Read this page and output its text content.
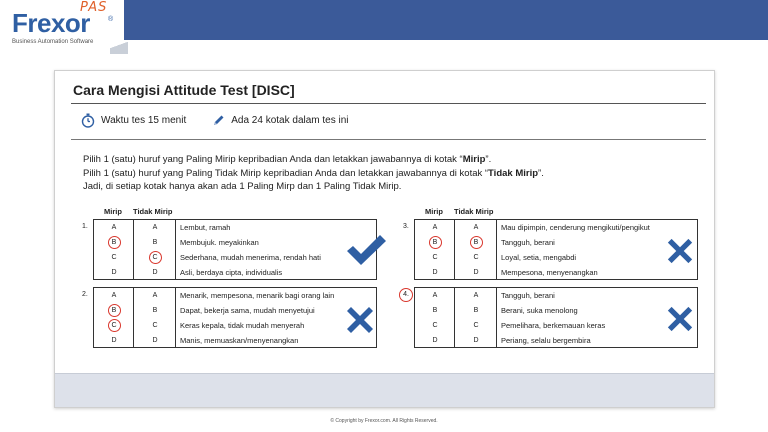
PAS
Frexor	®
Business Automation Software
Cara Mengisi Attitude Test [DISC]
Waktu tes 15 menit	Ada 24 kotak dalam tes ini
Pilih 1 (satu) huruf yang Paling Mirip kepribadian Anda dan letakkan jawabannya di kotak “Mirip”.
Pilih 1 (satu) huruf yang Paling Tidak Mirip kepribadian Anda dan letakkan jawabannya di kotak “Tidak Mirip”.
Jadi, di setiap kotak hanya akan ada 1 Paling Mirp dan 1 Paling Tidak Mirip.
Mirip Tidak Mirip	Mirip Tidak Mirip
1.	A	A	Lembut, ramah
B	B	Membujuk. meyakinkan
C	C	Sederhana, mudah menerima, rendah hati
D	D	Asli, berdaya cipta, individualis
2.	A	A	Menarik, mempesona, menarik bagi orang lain
B	B	Dapat, bekerja sama, mudah menyetujui
C	C	Keras kepala, tidak mudah menyerah
D	D	Manis, memuaskan/menyenangkan
3.	A	A	Mau dipimpin, cenderung mengikuti/pengikut
B	B	Tangguh, berani
C	C	Loyal, setia, mengabdi
D	D	Mempesona, menyenangkan
4.	A	A	Tangguh, berani
B	B	Berani, suka menolong
C	C	Pemelihara, berkemauan keras
D	D	Periang, selalu bergembira
© Copyright by Frexor.com. All Rights Reserved.
